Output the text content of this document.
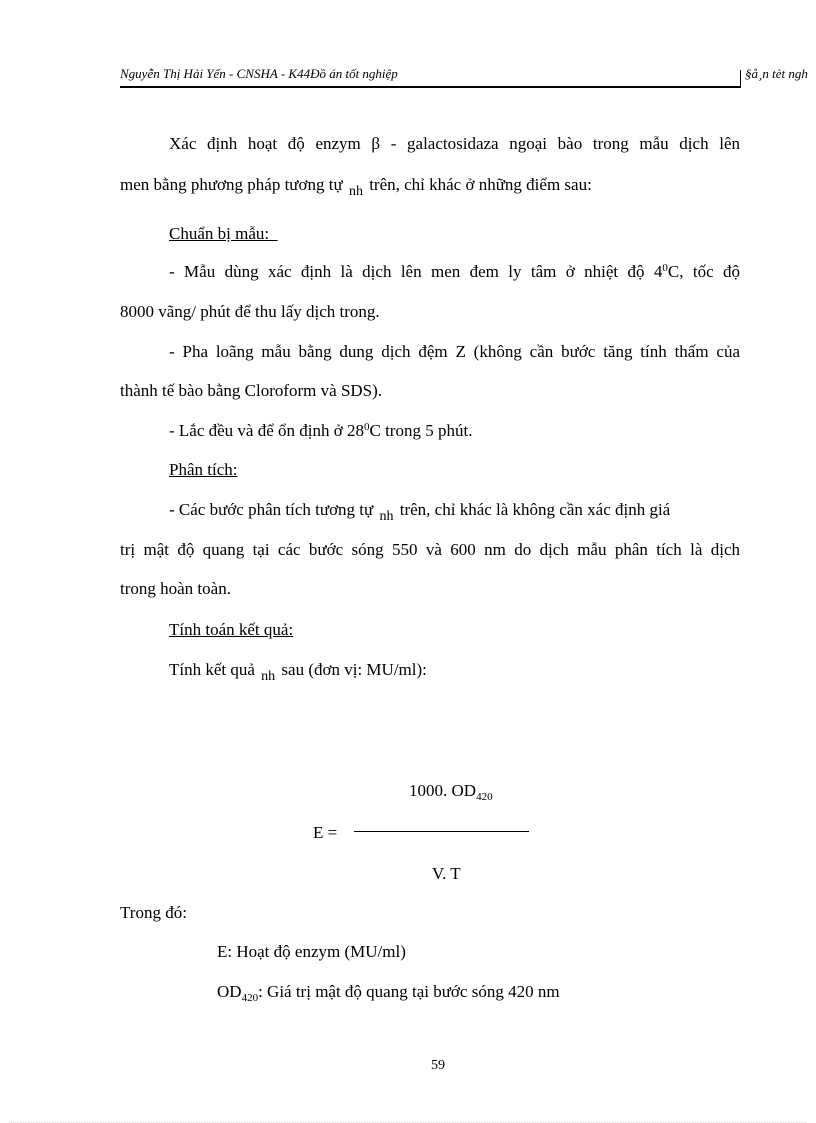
Nguyễn Thị Hải Yến - CNSHA - K44Đồ án tốt nghiệp	§å¸n tèt ngh
Xác định hoạt độ enzym β - galactosidaza ngoại bào trong mẫu dịch lên
men bằng phương pháp tương tự $_{nh}$ trên, chỉ khác ở những điểm sau:
Chuẩn bị mẫu:
- Mẫu dùng xác định là dịch lên men đem ly tâm ở nhiệt độ $4^0C$, tốc độ
8000 vãng/ phút để thu lấy dịch trong.
- Pha loãng mẫu bằng dung dịch đệm Z (không cần bước tăng tính thấm của
thành tế bào bằng Cloroform và SDS).
- Lắc đều và để ổn định ở $28^0C$ trong 5 phút.
Phân tích:
- Các bước phân tích tương tự $_{nh}$ trên, chỉ khác là không cần xác định giá
trị mật độ quang tại các bước sóng 550 và 600 nm do dịch mẫu phân tích là dịch
trong hoàn toàn.
Tính toán kết quả:
Tính kết quả $_{nh}$ sau (đơn vị: MU/ml):
1000. $OD_{420}$
E =
V. T
Trong đó:
E: Hoạt độ enzym (MU/ml)
$OD_{420}$: Giá trị mật độ quang tại bước sóng 420 nm
59
